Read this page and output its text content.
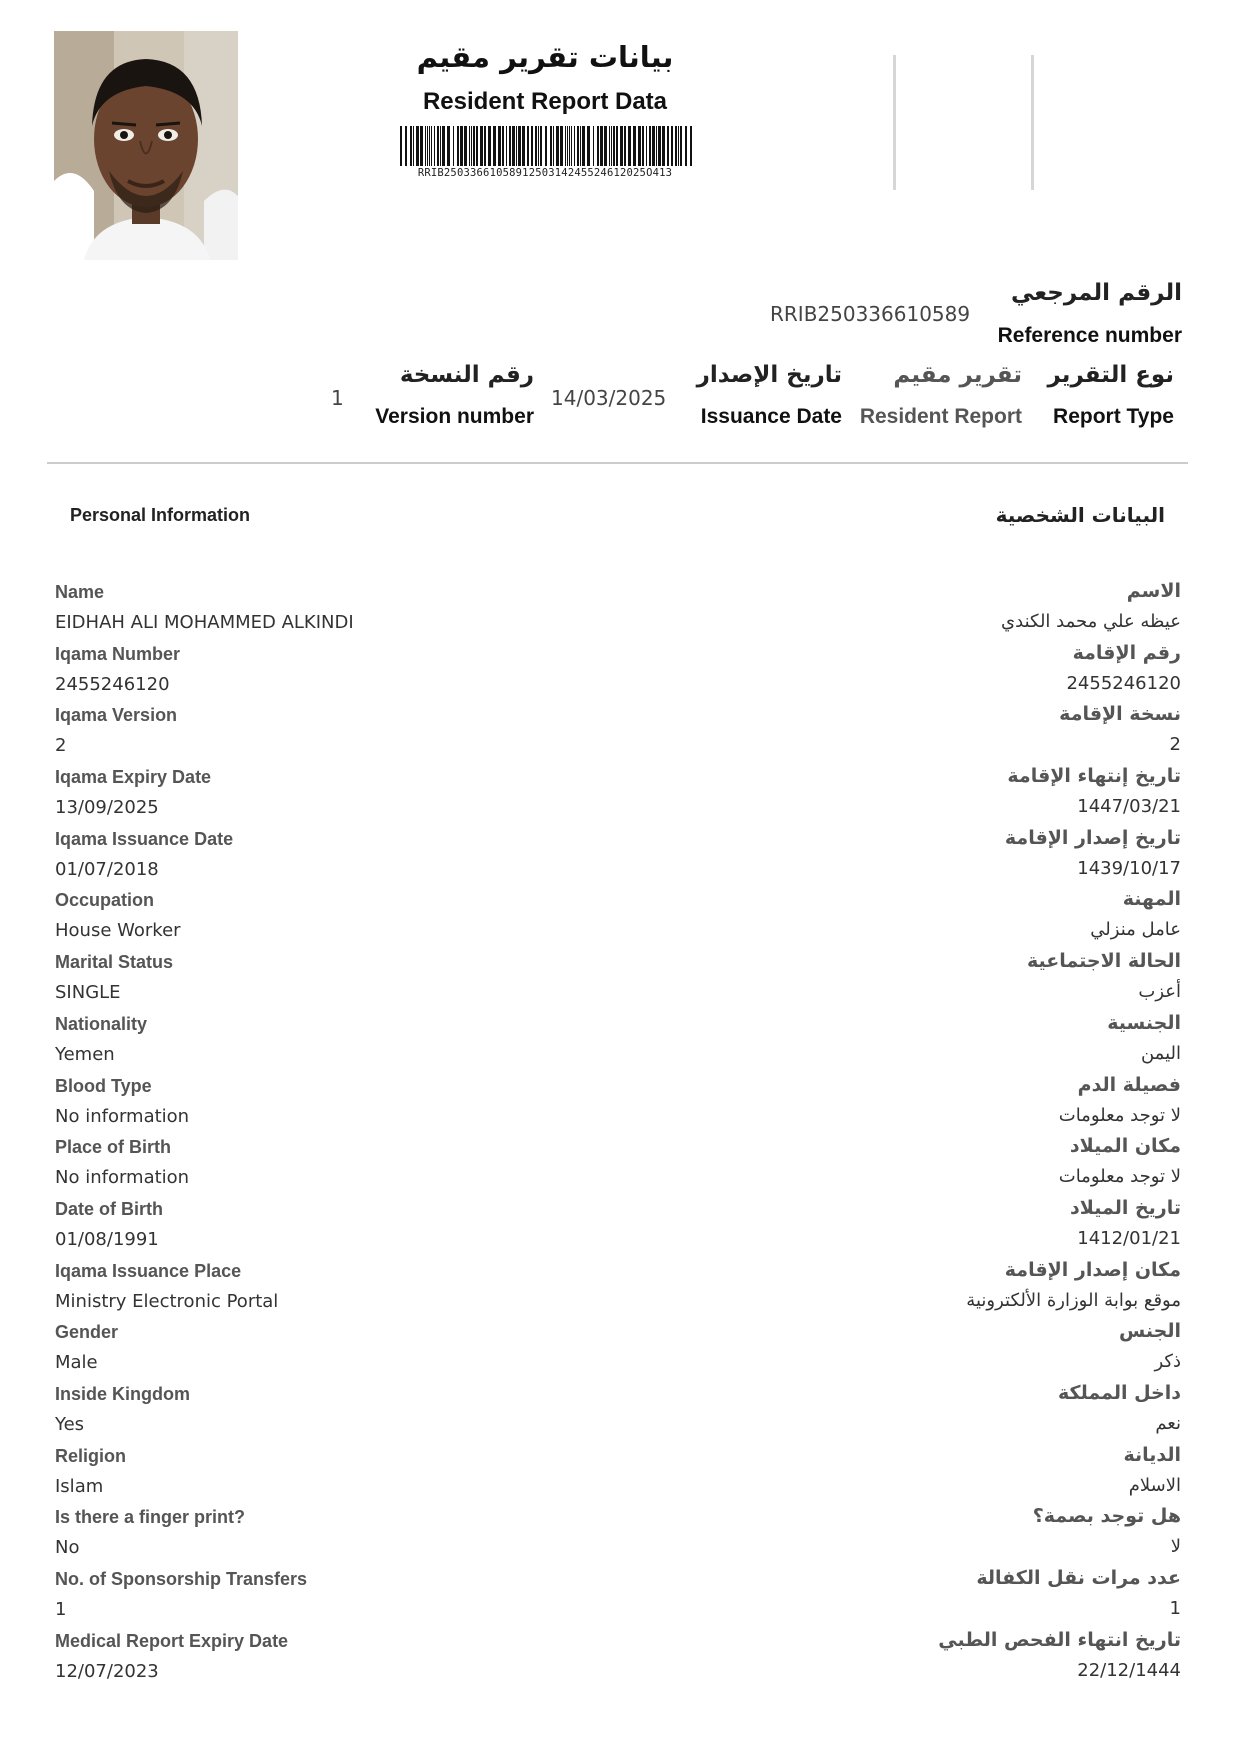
بيانات تقرير مقيم
Resident Report Data
RRIB2503366105891250314245524612025O413
الرقم المرجعي
Reference number
RRIB250336610589
نوع التقرير
Report Type
تقرير مقيم
Resident Report
تاريخ الإصدار
Issuance Date
14/03/2025
رقم النسخة
Version number
1
Personal Information	البيانات الشخصية
Name
EIDHAH ALI MOHAMMED ALKINDI
الاسم
عيظه علي محمد الكندي
Iqama Number
2455246120
رقم الإقامة
2455246120
Iqama Version
2
نسخة الإقامة
2
Iqama Expiry Date
13/09/2025
تاريخ إنتهاء الإقامة
1447/03/21
Iqama Issuance Date
01/07/2018
تاريخ إصدار الإقامة
1439/10/17
Occupation
House Worker
المهنة
عامل منزلي
Marital Status
SINGLE
الحالة الاجتماعية
أعزب
Nationality
Yemen
الجنسية
اليمن
Blood Type
No information
فصيلة الدم
لا توجد معلومات
Place of Birth
No information
مكان الميلاد
لا توجد معلومات
Date of Birth
01/08/1991
تاريخ الميلاد
1412/01/21
Iqama Issuance Place
Ministry Electronic Portal
مكان إصدار الإقامة
موقع بوابة الوزارة الألكترونية
Gender
Male
الجنس
ذكر
Inside Kingdom
Yes
داخل المملكة
نعم
Religion
Islam
الديانة
الاسلام
Is there a finger print?
No
هل توجد بصمة؟
لا
No. of Sponsorship Transfers
1
عدد مرات نقل الكفالة
1
Medical Report Expiry Date
12/07/2023
تاريخ انتهاء الفحص الطبي
22/12/1444
